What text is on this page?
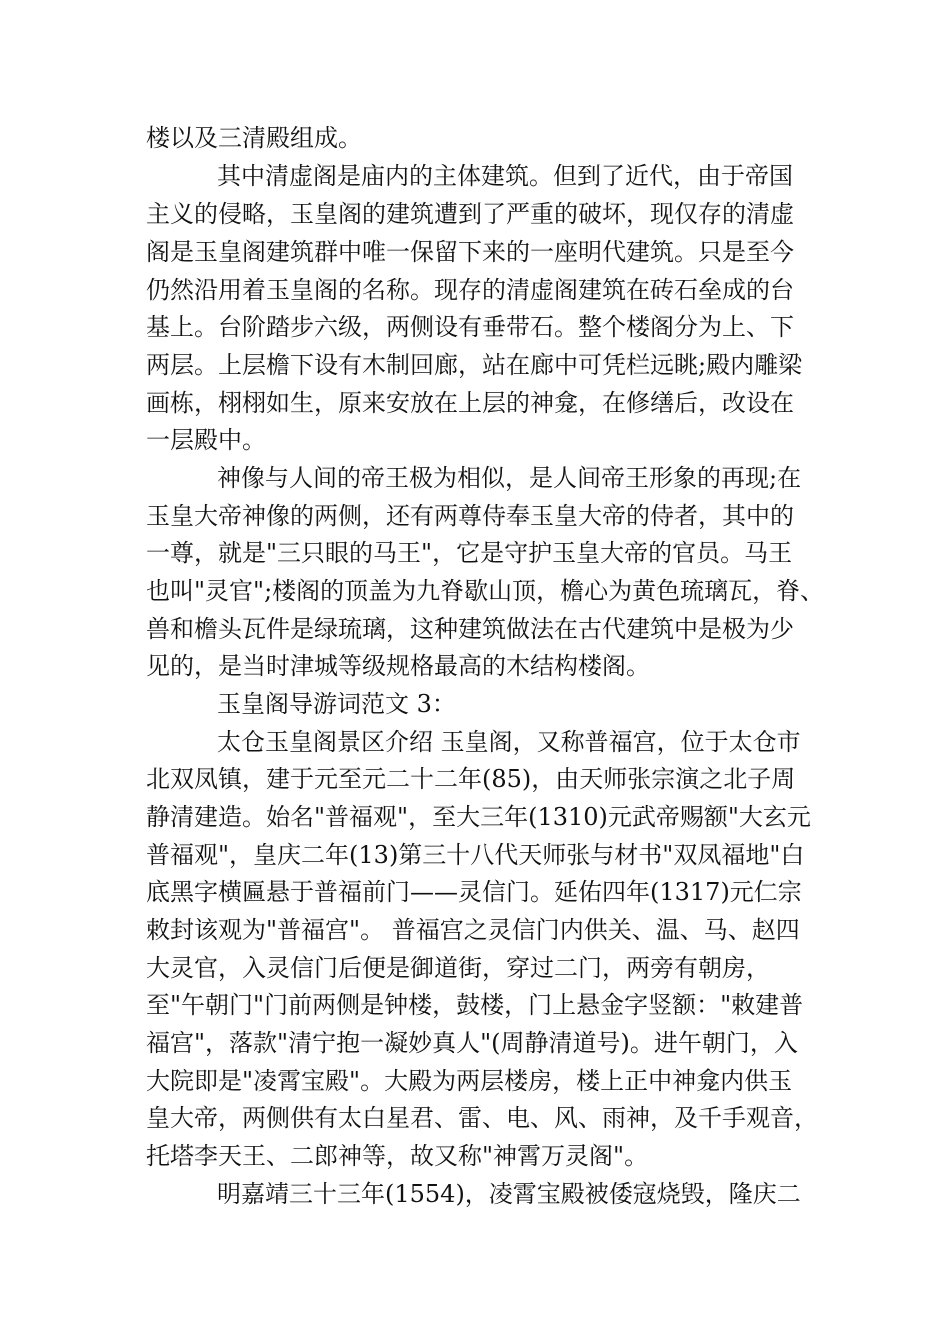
楼以及三清殿组成。

其中清虚阁是庙内的主体建筑。但到了近代，由于帝国

主义的侵略，玉皇阁的建筑遭到了严重的破坏，现仅存的清虚

阁是玉皇阁建筑群中唯一保留下来的一座明代建筑。只是至今

仍然沿用着玉皇阁的名称。现存的清虚阁建筑在砖石垒成的台

基上。台阶踏步六级，两侧设有垂带石。整个楼阁分为上、下

两层。上层檐下设有木制回廊，站在廊中可凭栏远眺;殿内雕梁

画栋，栩栩如生，原来安放在上层的神龛，在修缮后，改设在

一层殿中。

神像与人间的帝王极为相似，是人间帝王形象的再现;在

玉皇大帝神像的两侧，还有两尊侍奉玉皇大帝的侍者，其中的

一尊，就是"三只眼的马王"，它是守护玉皇大帝的官员。马王

也叫"灵官";楼阁的顶盖为九脊歇山顶，檐心为黄色琉璃瓦，脊、

兽和檐头瓦件是绿琉璃，这种建筑做法在古代建筑中是极为少

见的，是当时津城等级规格最高的木结构楼阁。

玉皇阁导游词范文 3：

太仓玉皇阁景区介绍 玉皇阁，又称普福宫，位于太仓市

北双凤镇，建于元至元二十二年(85)，由天师张宗演之北子周

静清建造。始名"普福观"，至大三年(1310)元武帝赐额"大玄元

普福观"，皇庆二年(13)第三十八代天师张与材书"双凤福地"白

底黑字横匾悬于普福前门——灵信门。延佑四年(1317)元仁宗

敕封该观为"普福宫"。 普福宫之灵信门内供关、温、马、赵四

大灵官，入灵信门后便是御道街，穿过二门，两旁有朝房，

至"午朝门"门前两侧是钟楼，鼓楼，门上悬金字竖额："敕建普

福宫"，落款"清宁抱一凝妙真人"(周静清道号)。进午朝门，入

大院即是"凌霄宝殿"。大殿为两层楼房，楼上正中神龛内供玉

皇大帝，两侧供有太白星君、雷、电、风、雨神，及千手观音，

托塔李天王、二郎神等，故又称"神霄万灵阁"。

明嘉靖三十三年(1554)，凌霄宝殿被倭寇烧毁，隆庆二
